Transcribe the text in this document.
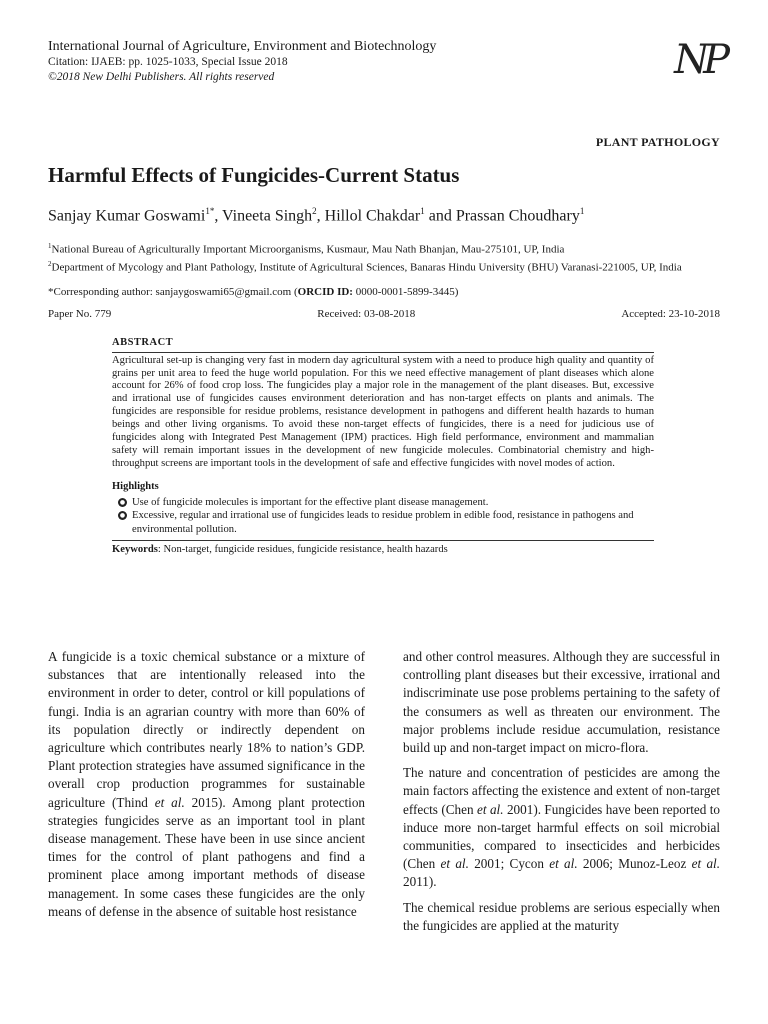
International Journal of Agriculture, Environment and Biotechnology
Citation: IJAEB: pp. 1025-1033, Special Issue 2018
©2018 New Delhi Publishers. All rights reserved	NP
PLANT PATHOLOGY
Harmful Effects of Fungicides-Current Status
Sanjay Kumar Goswami$^{1*}$, Vineeta Singh$^2$, Hillol Chakdar$^1$ and Prassan Choudhary$^1$

$^1$National Bureau of Agriculturally Important Microorganisms, Kusmaur, Mau Nath Bhanjan, Mau-275101, UP, India

$^2$Department of Mycology and Plant Pathology, Institute of Agricultural Sciences, Banaras Hindu University (BHU) Varanasi-221005, UP, India

*Corresponding author: sanjaygoswami65@gmail.com (ORCID ID: 0000-0001-5899-3445)
Paper No. 779	Received: 03-08-2018	Accepted: 23-10-2018
ABSTRACT
Agricultural set-up is changing very fast in modern day agricultural system with a need to produce high quality and quantity of grains per unit area to feed the huge world population. For this we need effective management of plant diseases which alone account for 26% of food crop loss. The fungicides play a major role in the management of the plant diseases. But, excessive and irrational use of fungicides causes environment deterioration and has non-target effects on plants and animals. The fungicides are responsible for residue problems, resistance development in pathogens and different health hazards to human beings and other living organisms. To avoid these non-target effects of fungicides, there is a need for judicious use of fungicides along with Integrated Pest Management (IPM) practices. High field performance, environment and mammalian safety will remain important issues in the development of new fungicide molecules. Combinatorial chemistry and high-throughput screens are important tools in the development of safe and effective fungicides with novel modes of action.
Highlights
● Use of fungicide molecules is important for the effective plant disease management.
● Excessive, regular and irrational use of fungicides leads to residue problem in edible food, resistance in pathogens and environmental pollution.
Keywords: Non-target, fungicide residues, fungicide resistance, health hazards

A fungicide is a toxic chemical substance or a mixture of substances that are intentionally released into the environment in order to deter, control or kill populations of fungi. India is an agrarian country with more than 60% of its population directly or indirectly dependent on agriculture which contributes nearly 18% to nation’s GDP. Plant protection strategies have assumed significance in the overall crop production programmes for sustainable agriculture (Thind et al. 2015). Among plant protection strategies fungicides serve as an important tool in plant disease management. These have been in use since ancient times for the control of plant pathogens and find a prominent place among important methods of disease management. In some cases these fungicides are the only means of defense in the absence of suitable host resistance

and other control measures. Although they are successful in controlling plant diseases but their excessive, irrational and indiscriminate use pose problems pertaining to the safety of the consumers as well as threaten our environment. The major problems include residue accumulation, resistance build up and non-target impact on micro-flora.

The nature and concentration of pesticides are among the main factors affecting the existence and extent of non-target effects (Chen et al. 2001). Fungicides have been reported to induce more non-target harmful effects on soil microbial communities, compared to insecticides and herbicides (Chen et al. 2001; Cycon et al. 2006; Munoz-Leoz et al. 2011).

The chemical residue problems are serious especially when the fungicides are applied at the maturity
